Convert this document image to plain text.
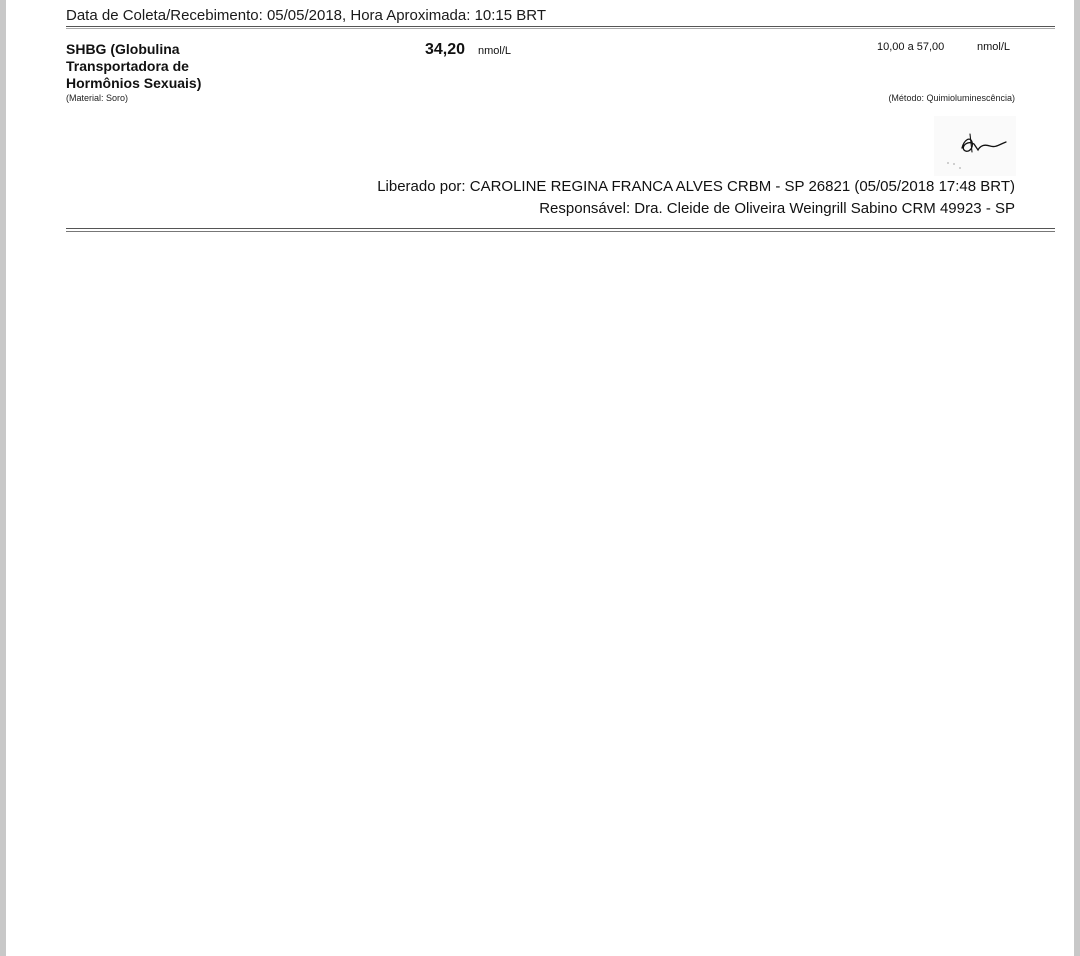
Data de Coleta/Recebimento: 05/05/2018, Hora Aproximada: 10:15 BRT
SHBG (Globulina Transportadora de Hormônios Sexuais)
(Material: Soro)
34,20 nmol/L	10,00 a 57,00	nmol/L
(Método: Quimioluminescência)
Liberado por: CAROLINE REGINA FRANCA ALVES CRBM - SP 26821 (05/05/2018 17:48 BRT)
Responsável: Dra. Cleide de Oliveira Weingrill Sabino CRM 49923 - SP
